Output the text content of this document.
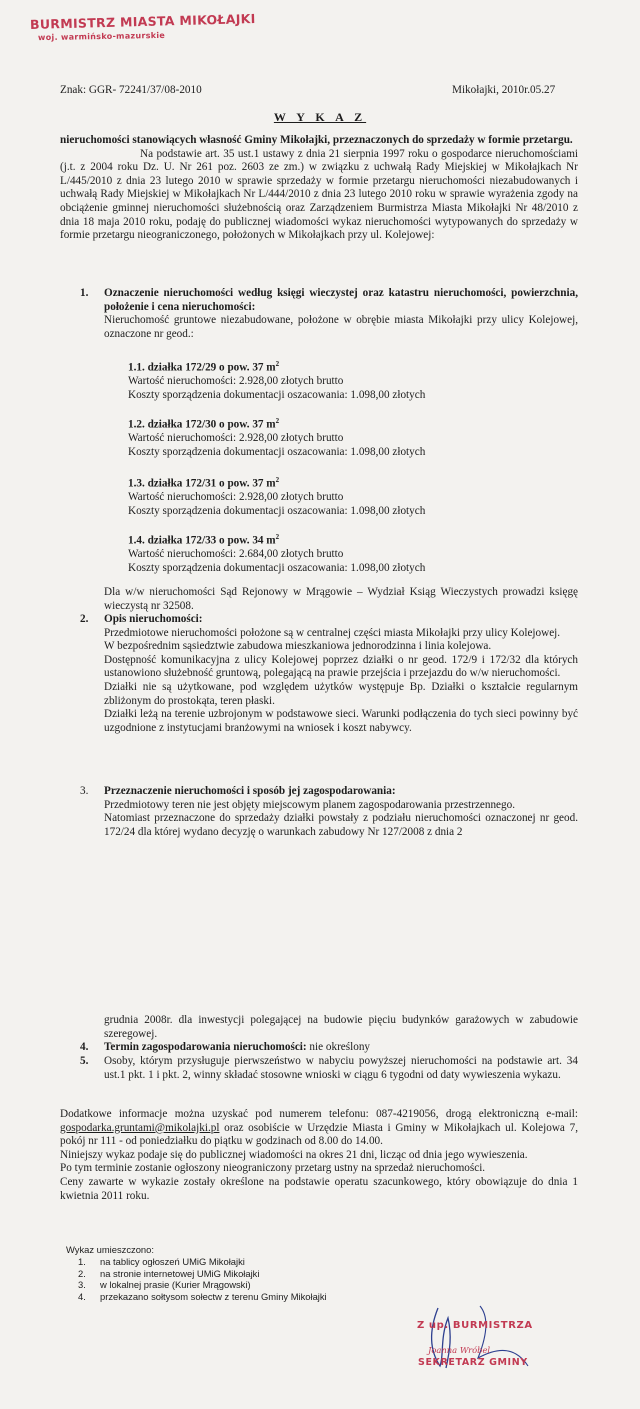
BURMISTRZ MIASTA MIKOŁAJKI
woj. warmińsko-mazurskie
Znak: GGR- 72241/37/08-2010	Mikołajki, 2010r.05.27
W Y K A Z
nieruchomości stanowiących własność Gminy Mikołajki, przeznaczonych do sprzedaży w formie przetargu.

Na podstawie art. 35 ust.1 ustawy z dnia 21 sierpnia 1997 roku o gospodarce nieruchomościami (j.t. z 2004 roku Dz. U. Nr 261 poz. 2603 ze zm.) w związku z uchwałą Rady Miejskiej w Mikołajkach Nr L/445/2010 z dnia 23 lutego 2010 w sprawie sprzedaży w formie przetargu nieruchomości niezabudowanych i uchwałą Rady Miejskiej w Mikołajkach Nr L/444/2010 z dnia 23 lutego 2010 roku w sprawie wyrażenia zgody na obciążenie gminnej nieruchomości służebnością oraz Zarządzeniem Burmistrza Miasta Mikołajki Nr 48/2010 z dnia 18 maja 2010 roku, podaję do publicznej wiadomości wykaz nieruchomości wytypowanych do sprzedaży w formie przetargu nieograniczonego, położonych w Mikołajkach przy ul. Kolejowej:

1. Oznaczenie nieruchomości według księgi wieczystej oraz katastru nieruchomości, powierzchnia, położenie i cena nieruchomości:
Nieruchomość gruntowe niezabudowane, położone w obrębie miasta Mikołajki przy ulicy Kolejowej, oznaczone nr geod.:
1.1. działka 172/29 o pow. 37 $m^2$
Wartość nieruchomości: 2.928,00 złotych brutto
Koszty sporządzenia dokumentacji oszacowania: 1.098,00 złotych
1.2. działka 172/30 o pow. 37 $m^2$
Wartość nieruchomości: 2.928,00 złotych brutto
Koszty sporządzenia dokumentacji oszacowania: 1.098,00 złotych
1.3. działka 172/31 o pow. 37 $m^2$
Wartość nieruchomości: 2.928,00 złotych brutto
Koszty sporządzenia dokumentacji oszacowania: 1.098,00 złotych
1.4. działka 172/33 o pow. 34 $m^2$
Wartość nieruchomości: 2.684,00 złotych brutto
Koszty sporządzenia dokumentacji oszacowania: 1.098,00 złotych
Dla w/w nieruchomości Sąd Rejonowy w Mrągowie – Wydział Ksiąg Wieczystych prowadzi księgę wieczystą nr 32508.
2. Opis nieruchomości:

Przedmiotowe nieruchomości położone są w centralnej części miasta Mikołajki przy ulicy Kolejowej.

W bezpośrednim sąsiedztwie zabudowa mieszkaniowa jednorodzinna i linia kolejowa.

Dostępność komunikacyjna z ulicy Kolejowej poprzez działki o nr geod. 172/9 i 172/32 dla których ustanowiono służebność gruntową, polegającą na prawie przejścia i przejazdu do w/w nieruchomości.

Działki nie są użytkowane, pod względem użytków występuje Bp. Działki o kształcie regularnym zbliżonym do prostokąta, teren płaski.

Działki leżą na terenie uzbrojonym w podstawowe sieci. Warunki podłączenia do tych sieci powinny być uzgodnione z instytucjami branżowymi na wniosek i koszt nabywcy.

3. Przeznaczenie nieruchomości i sposób jej zagospodarowania:

Przedmiotowy teren nie jest objęty miejscowym planem zagospodarowania przestrzennego.

Natomiast przeznaczone do sprzedaży działki powstały z podziału nieruchomości oznaczonej nr geod. 172/24 dla której wydano decyzję o warunkach zabudowy Nr 127/2008 z dnia 2

grudnia 2008r. dla inwestycji polegającej na budowie pięciu budynków garażowych w zabudowie szeregowej.
4. Termin zagospodarowania nieruchomości: nie określony
5. Osoby, którym przysługuje pierwszeństwo w nabyciu powyższej nieruchomości na podstawie art. 34 ust.1 pkt. 1 i pkt. 2, winny składać stosowne wnioski w ciągu 6 tygodni od daty wywieszenia wykazu.

Dodatkowe informacje można uzyskać pod numerem telefonu: 087-4219056, drogą elektroniczną e-mail: gospodarka.gruntami@mikolajki.pl oraz osobiście w Urzędzie Miasta i Gminy w Mikołajkach ul. Kolejowa 7, pokój nr 111 - od poniedziałku do piątku w godzinach od 8.00 do 14.00.

Niniejszy wykaz podaje się do publicznej wiadomości na okres 21 dni, licząc od dnia jego wywieszenia.

Po tym terminie zostanie ogłoszony nieograniczony przetarg ustny na sprzedaż nieruchomości.

Ceny zawarte w wykazie zostały określone na podstawie operatu szacunkowego, który obowiązuje do dnia 1 kwietnia 2011 roku.

Wykaz umieszczono:
1. na tablicy ogłoszeń UMiG Mikołajki
2. na stronie internetowej UMiG Mikołajki
3. w lokalnej prasie (Kurier Mrągowski)
4. przekazano sołtysom sołectw z terenu Gminy Mikołajki
Z up. BURMISTRZA
Joanna Wróbel
SEKRETARZ GMINY
